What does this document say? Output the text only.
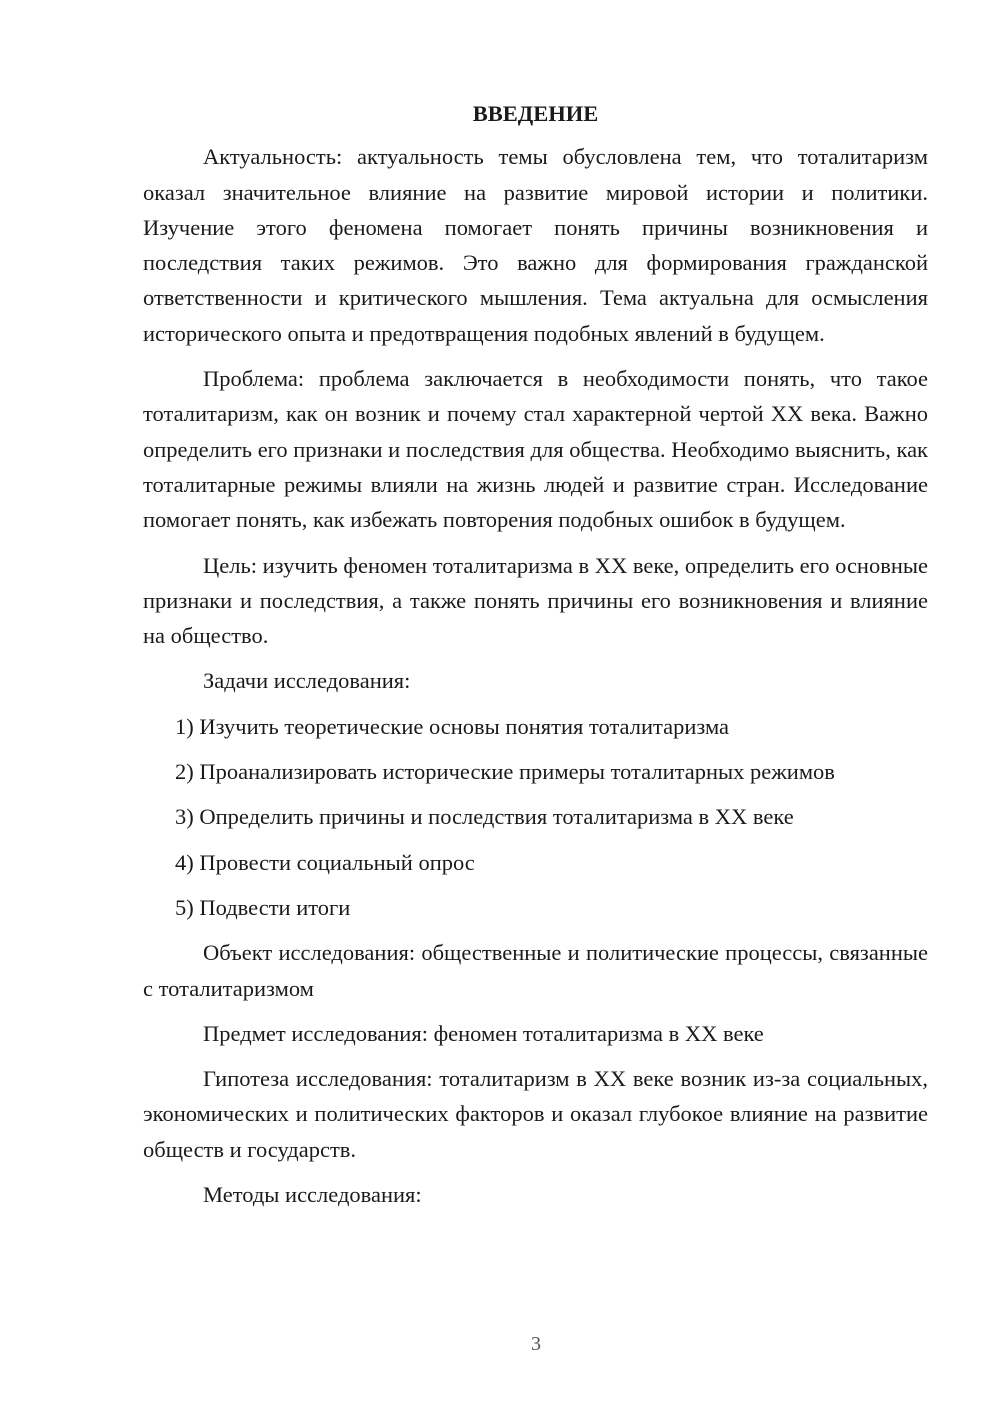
ВВЕДЕНИЕ

Актуальность: актуальность темы обусловлена тем, что тоталитаризм оказал значительное влияние на развитие мировой истории и политики. Изучение этого феномена помогает понять причины возникновения и последствия таких режимов. Это важно для формирования гражданской ответственности и критического мышления. Тема актуальна для осмысления исторического опыта и предотвращения подобных явлений в будущем.

Проблема: проблема заключается в необходимости понять, что такое тоталитаризм, как он возник и почему стал характерной чертой XX века. Важно определить его признаки и последствия для общества. Необходимо выяснить, как тоталитарные режимы влияли на жизнь людей и развитие стран. Исследование помогает понять, как избежать повторения подобных ошибок в будущем.

Цель: изучить феномен тоталитаризма в XX веке, определить его основные признаки и последствия, а также понять причины его возникновения и влияние на общество.

Задачи исследования:

1) Изучить теоретические основы понятия тоталитаризма
2) Проанализировать исторические примеры тоталитарных режимов
3) Определить причины и последствия тоталитаризма в XX веке
4) Провести социальный опрос
5) Подвести итоги

Объект исследования: общественные и политические процессы, связанные с тоталитаризмом

Предмет исследования: феномен тоталитаризма в XX веке

Гипотеза исследования: тоталитаризм в XX веке возник из-за социальных, экономических и политических факторов и оказал глубокое влияние на развитие обществ и государств.

Методы исследования:

3
